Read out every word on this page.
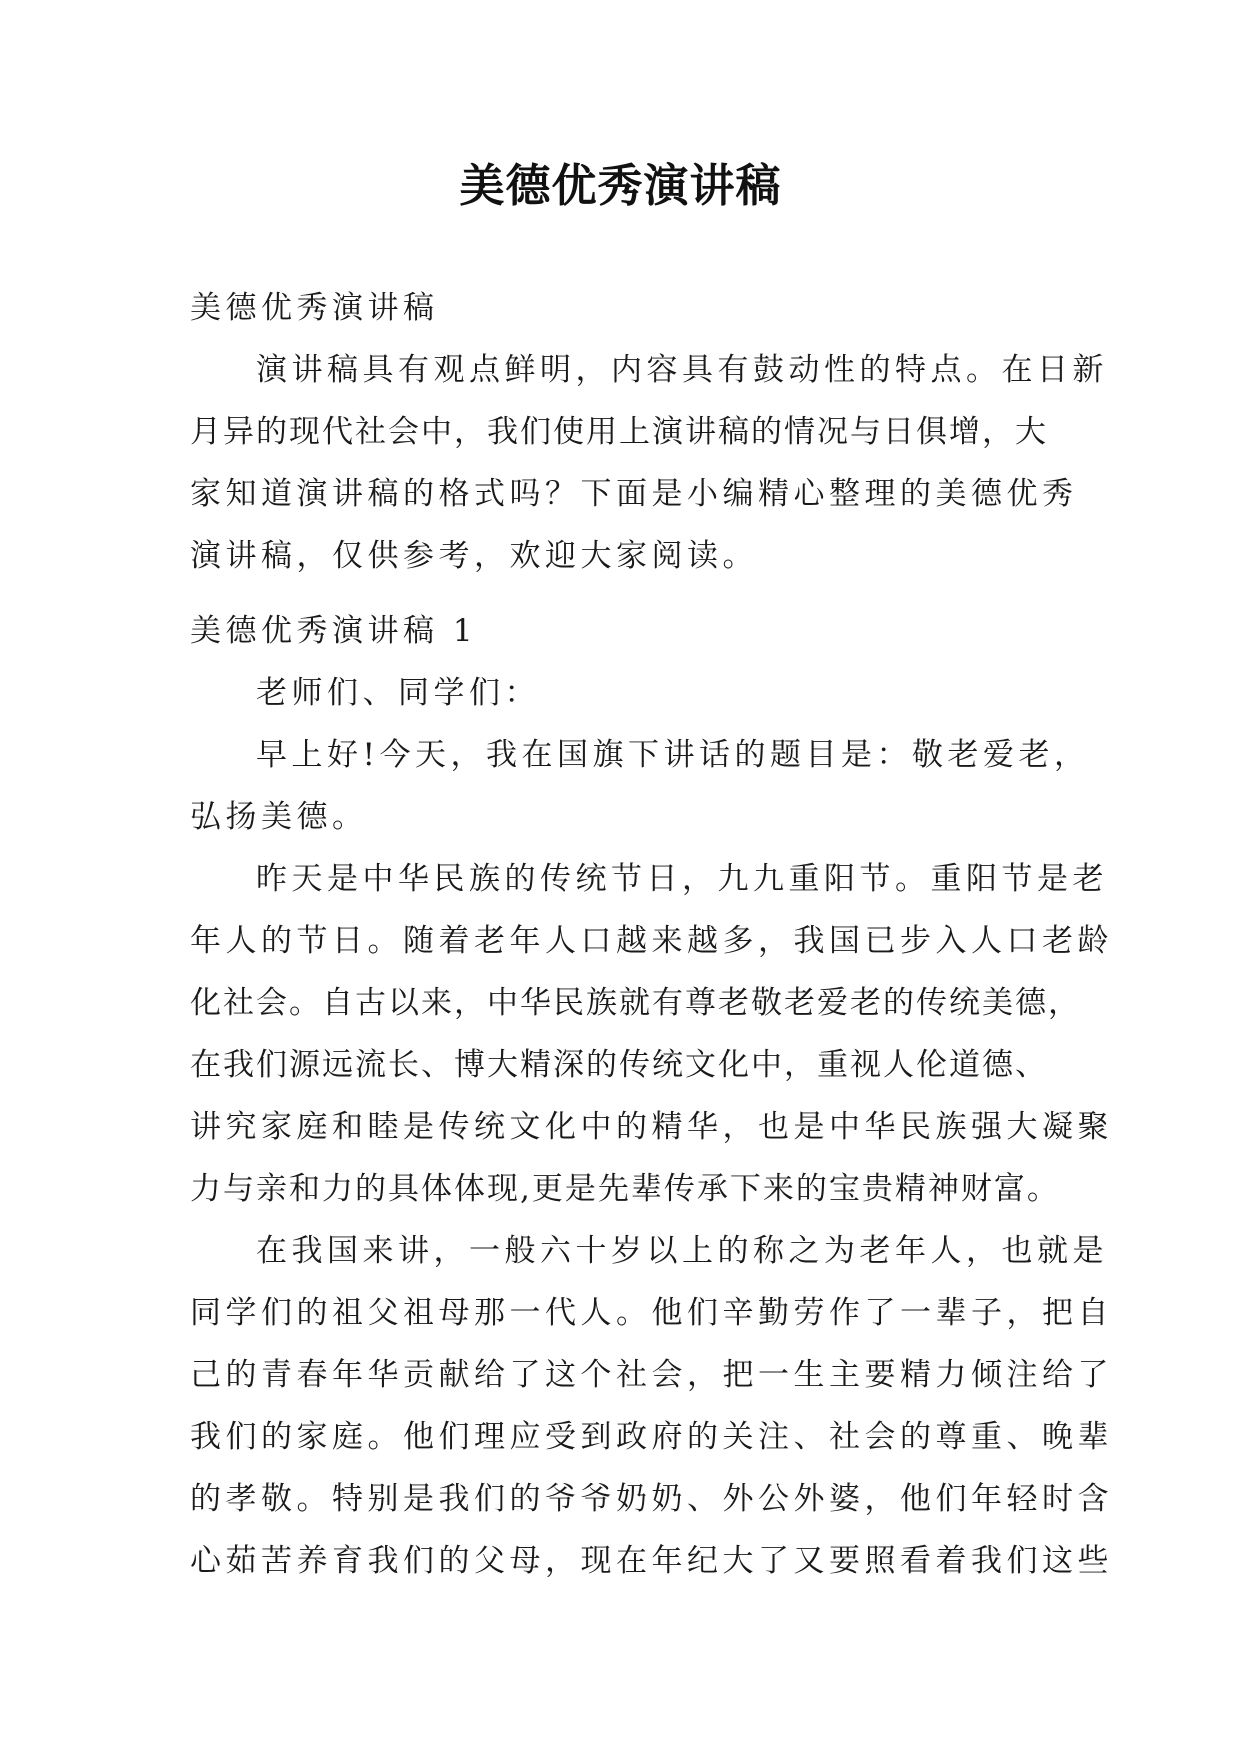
美德优秀演讲稿
美德优秀演讲稿
演讲稿具有观点鲜明，内容具有鼓动性的特点。在日新
月异的现代社会中，我们使用上演讲稿的情况与日俱增，大
家知道演讲稿的格式吗？下面是小编精心整理的美德优秀
演讲稿，仅供参考，欢迎大家阅读。
美德优秀演讲稿 1
老师们、同学们：
早上好!今天，我在国旗下讲话的题目是：敬老爱老，
弘扬美德。
昨天是中华民族的传统节日，九九重阳节。重阳节是老
年人的节日。随着老年人口越来越多，我国已步入人口老龄
化社会。自古以来，中华民族就有尊老敬老爱老的传统美德，
在我们源远流长、博大精深的传统文化中，重视人伦道德、
讲究家庭和睦是传统文化中的精华，也是中华民族强大凝聚
力与亲和力的具体体现,更是先辈传承下来的宝贵精神财富。
在我国来讲，一般六十岁以上的称之为老年人，也就是
同学们的祖父祖母那一代人。他们辛勤劳作了一辈子，把自
己的青春年华贡献给了这个社会，把一生主要精力倾注给了
我们的家庭。他们理应受到政府的关注、社会的尊重、晚辈
的孝敬。特别是我们的爷爷奶奶、外公外婆，他们年轻时含
心茹苦养育我们的父母，现在年纪大了又要照看着我们这些
